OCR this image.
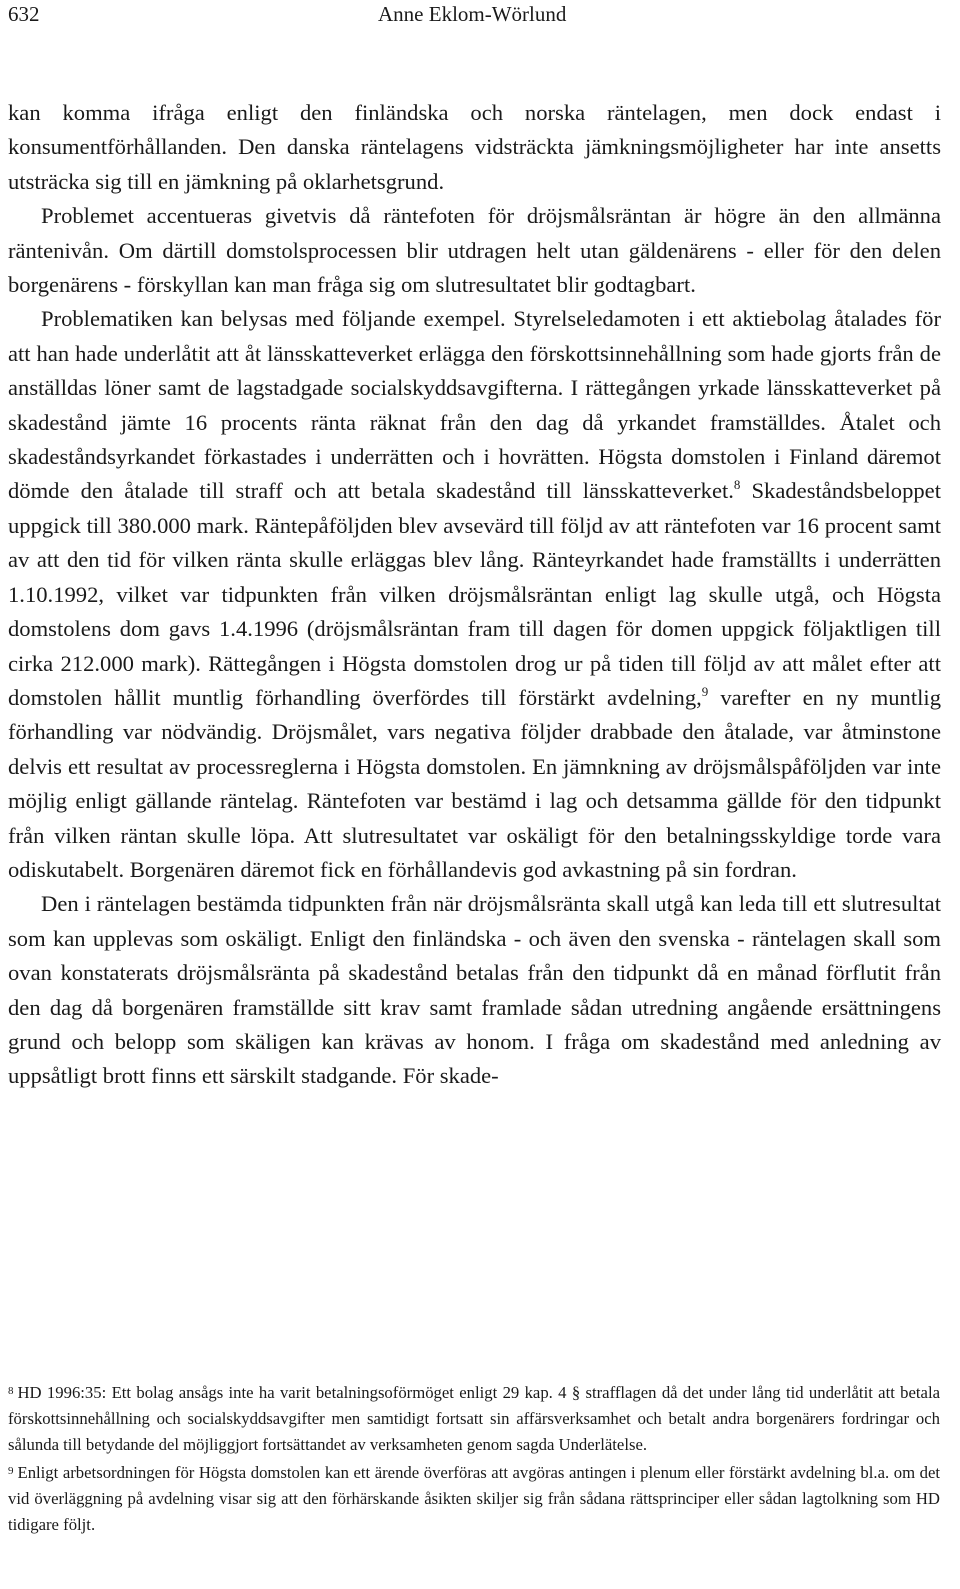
632	Anne Eklom-Wörlund

kan komma ifråga enligt den finländska och norska räntelagen, men dock endast i konsumentförhållanden. Den danska räntelagens vidsträckta jämkningsmöjligheter har inte ansetts utsträcka sig till en jämkning på oklarhetsgrund.

Problemet accentueras givetvis då räntefoten för dröjsmålsräntan är högre än den allmänna räntenivån. Om därtill domstolsprocessen blir utdragen helt utan gäldenärens - eller för den delen borgenärens - förskyllan kan man fråga sig om slutresultatet blir godtagbart.

Problematiken kan belysas med följande exempel. Styrelseledamoten i ett aktiebolag åtalades för att han hade underlåtit att åt länsskatteverket erlägga den förskottsinnehållning som hade gjorts från de anställdas löner samt de lagstadgade socialskyddsavgifterna. I rättegången yrkade länsskatteverket på skadestånd jämte 16 procents ränta räknat från den dag då yrkandet framställdes. Åtalet och skadeståndsyrkandet förkastades i underrätten och i hovrätten. Högsta domstolen i Finland däremot dömde den åtalade till straff och att betala skadestånd till länsskatteverket.$^8$ Skadeståndsbeloppet uppgick till 380.000 mark. Räntepåföljden blev avsevärd till följd av att räntefoten var 16 procent samt av att den tid för vilken ränta skulle erläggas blev lång. Ränteyrkandet hade framställts i underrätten 1.10.1992, vilket var tidpunkten från vilken dröjsmålsräntan enligt lag skulle utgå, och Högsta domstolens dom gavs 1.4.1996 (dröjsmålsräntan fram till dagen för domen uppgick följaktligen till cirka 212.000 mark). Rättegången i Högsta domstolen drog ur på tiden till följd av att målet efter att domstolen hållit muntlig förhandling överfördes till förstärkt avdelning,$^9$ varefter en ny muntlig förhandling var nödvändig. Dröjsmålet, vars negativa följder drabbade den åtalade, var åtminstone delvis ett resultat av processreglerna i Högsta domstolen. En jämnkning av dröjsmålspåföljden var inte möjlig enligt gällande räntelag. Räntefoten var bestämd i lag och detsamma gällde för den tidpunkt från vilken räntan skulle löpa. Att slutresultatet var oskäligt för den betalningsskyldige torde vara odiskutabelt. Borgenären däremot fick en förhållandevis god avkastning på sin fordran.

Den i räntelagen bestämda tidpunkten från när dröjsmålsränta skall utgå kan leda till ett slutresultat som kan upplevas som oskäligt. Enligt den finländska - och även den svenska - räntelagen skall som ovan konstaterats dröjsmålsränta på skadestånd betalas från den tidpunkt då en månad förflutit från den dag då borgenären framställde sitt krav samt framlade sådan utredning angående ersättningens grund och belopp som skäligen kan krävas av honom. I fråga om skadestånd med anledning av uppsåtligt brott finns ett särskilt stadgande. För skade-

$^8$ HD 1996:35: Ett bolag ansågs inte ha varit betalningsoförmöget enligt 29 kap. 4 § strafflagen då det under lång tid underlåtit att betala förskottsinnehållning och socialskyddsavgifter men samtidigt fortsatt sin affärsverksamhet och betalt andra borgenärers fordringar och sålunda till betydande del möjliggjort fortsättandet av verksamheten genom sagda Underlätelse.

$^9$ Enligt arbetsordningen för Högsta domstolen kan ett ärende överföras att avgöras antingen i plenum eller förstärkt avdelning bl.a. om det vid överläggning på avdelning visar sig att den förhärskande åsikten skiljer sig från sådana rättsprinciper eller sådan lagtolkning som HD tidigare följt.
